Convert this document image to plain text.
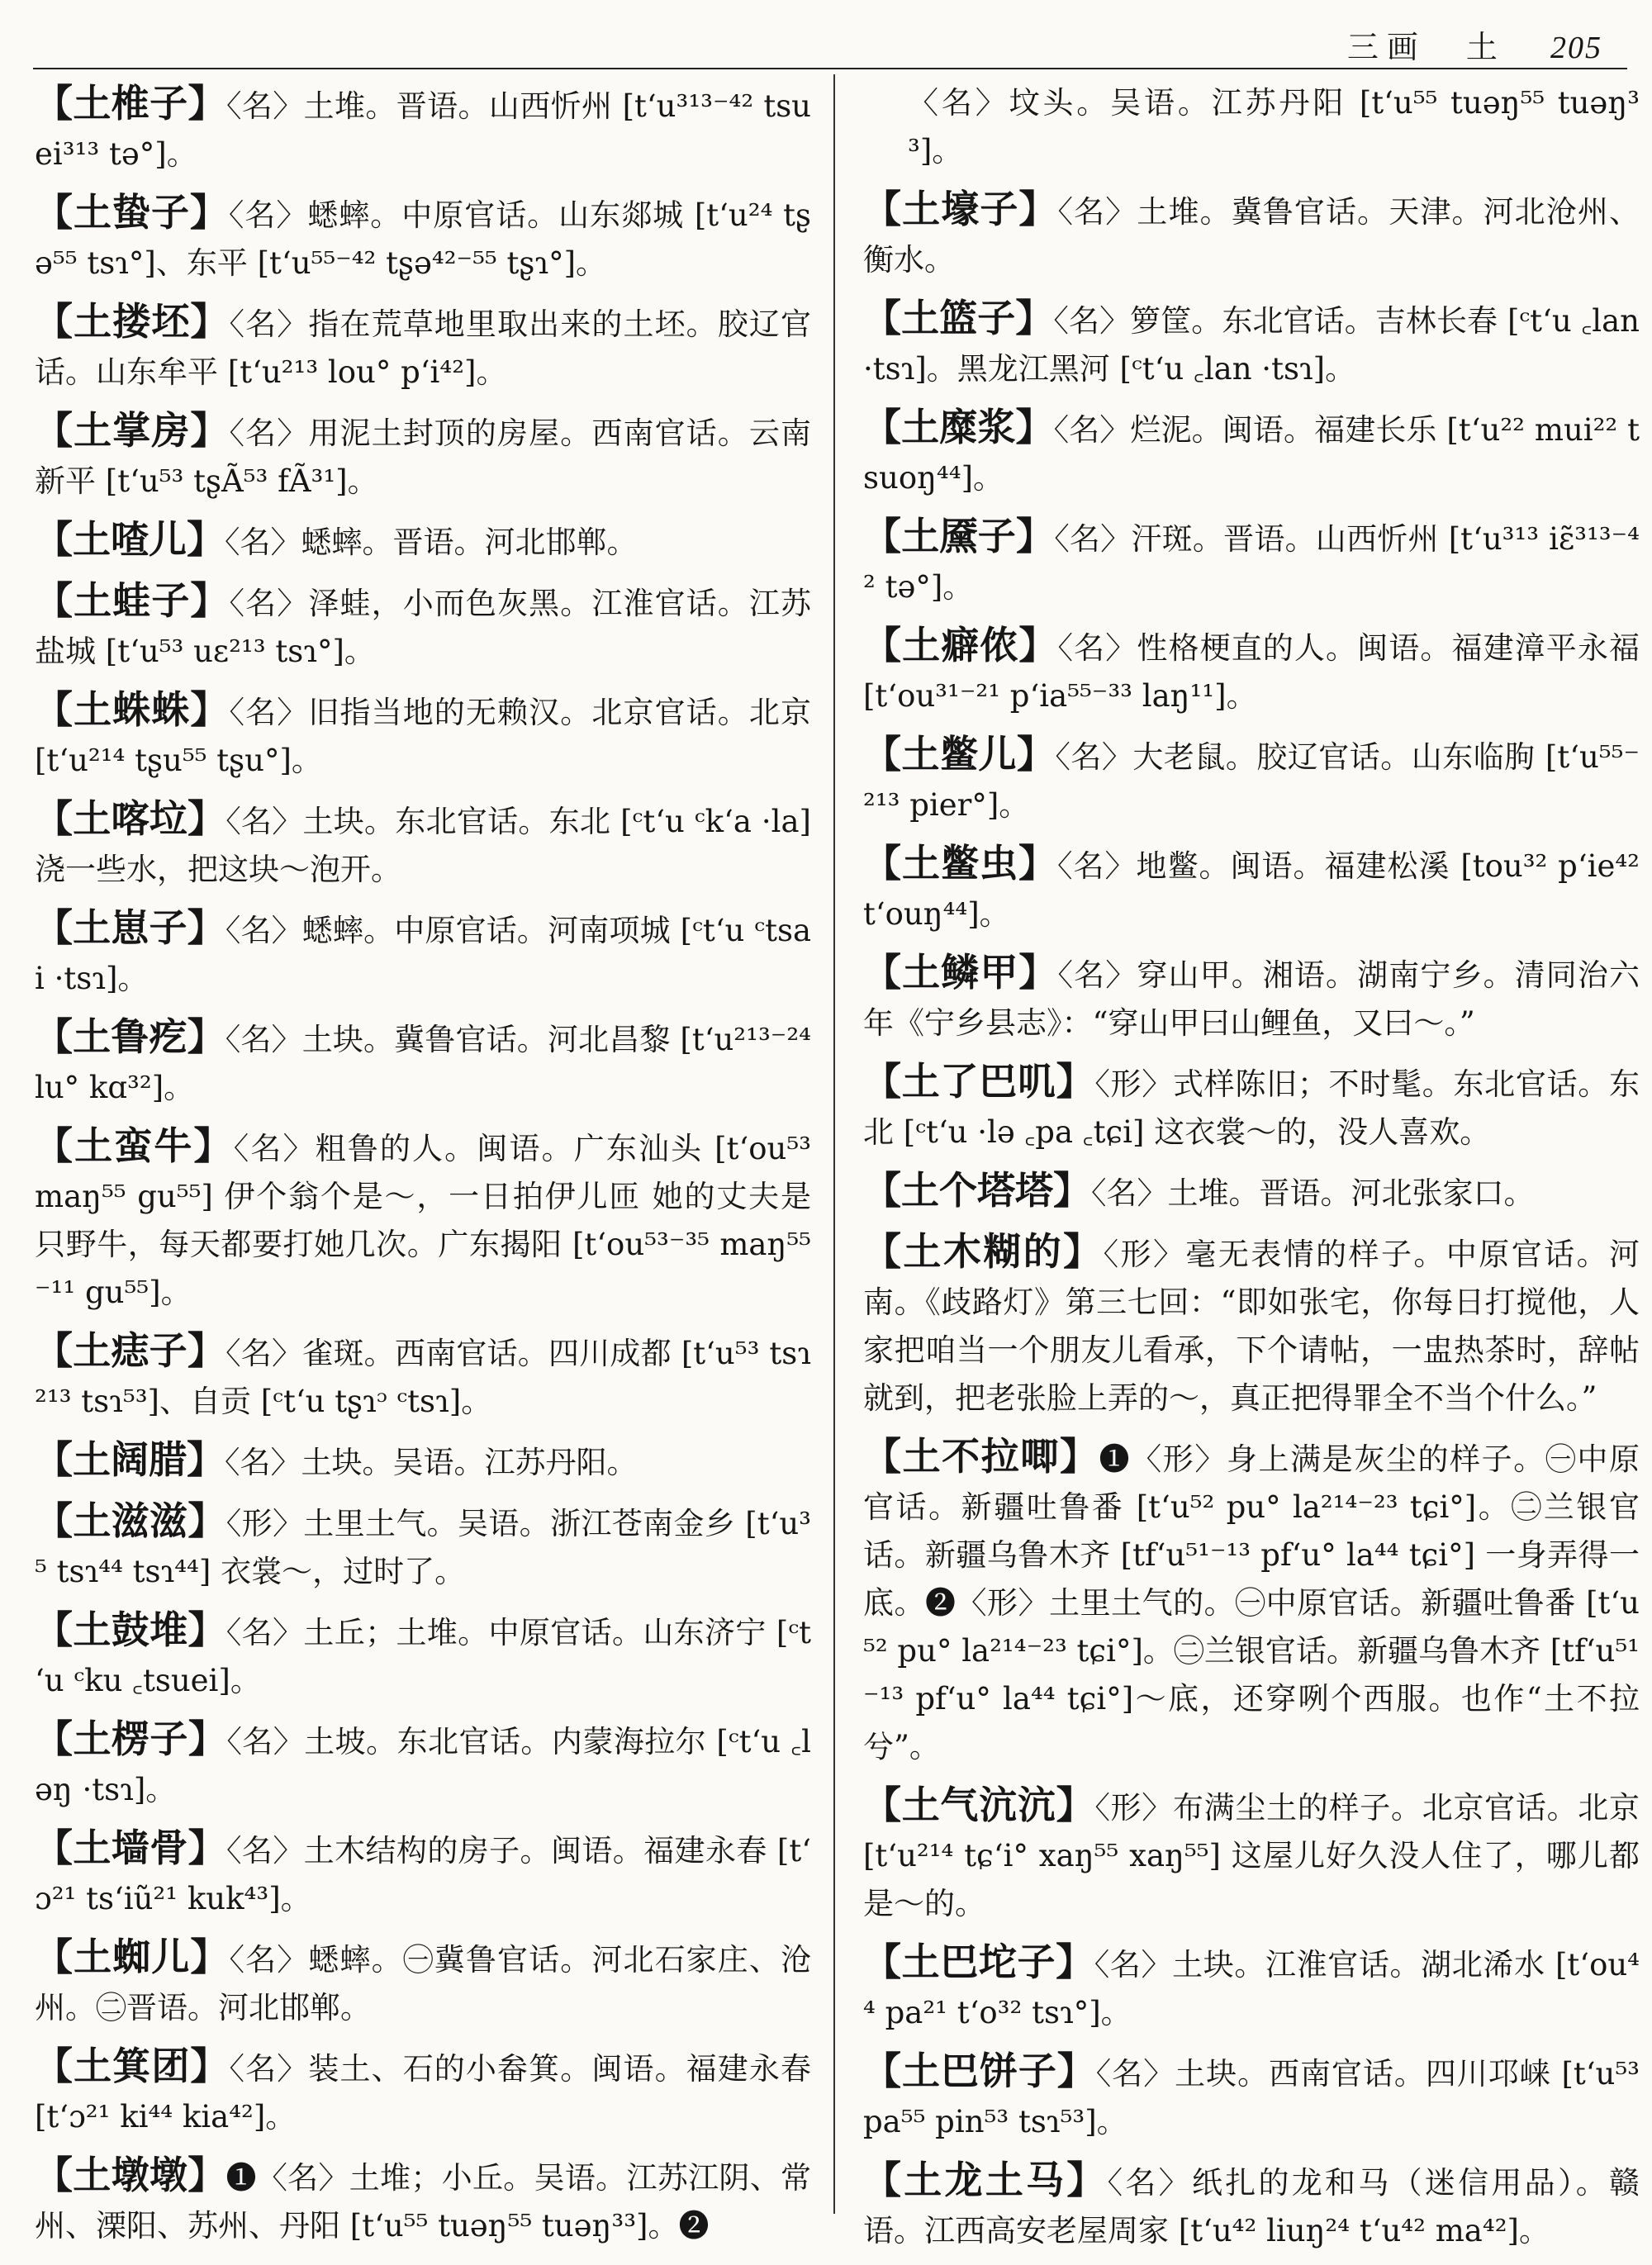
三画　土 205
【土椎子】〈名〉土堆。晋语。山西忻州 [tʻu³¹³⁻⁴² tsuei³¹³ tə°]。
【土蛰子】〈名〉蟋蟀。中原官话。山东郯城 [tʻu²⁴ tʂə⁵⁵ tsɿ°]、东平 [tʻu⁵⁵⁻⁴² tʂə⁴²⁻⁵⁵ tʂɿ°]。
【土搂坯】〈名〉指在荒草地里取出来的土坯。胶辽官话。山东牟平 [tʻu²¹³ lou° pʻi⁴²]。
【土掌房】〈名〉用泥土封顶的房屋。西南官话。云南新平 [tʻu⁵³ tʂÃ⁵³ fÃ³¹]。
【土喳儿】〈名〉蟋蟀。晋语。河北邯郸。
【土蛙子】〈名〉泽蛙，小而色灰黑。江淮官话。江苏盐城 [tʻu⁵³ uɛ²¹³ tsɿ°]。
【土蛛蛛】〈名〉旧指当地的无赖汉。北京官话。北京 [tʻu²¹⁴ tʂu⁵⁵ tʂu°]。
【土喀垃】〈名〉土块。东北官话。东北 [ᶜtʻu ᶜkʻa ·la] 浇一些水，把这块～泡开。
【土崽子】〈名〉蟋蟀。中原官话。河南项城 [ᶜtʻu ᶜtsai ·tsɿ]。
【土鲁疙】〈名〉土块。冀鲁官话。河北昌黎 [tʻu²¹³⁻²⁴ lu° kɑ³²]。
【土蛮牛】〈名〉粗鲁的人。闽语。广东汕头 [tʻou⁵³ maŋ⁵⁵ gu⁵⁵] 伊个翁个是～，一日拍伊儿匝 她的丈夫是只野牛，每天都要打她几次。广东揭阳 [tʻou⁵³⁻³⁵ maŋ⁵⁵⁻¹¹ gu⁵⁵]。
【土痣子】〈名〉雀斑。西南官话。四川成都 [tʻu⁵³ tsɿ²¹³ tsɿ⁵³]、自贡 [ᶜtʻu tʂɿᵓ ᶜtsɿ]。
【土阔腊】〈名〉土块。吴语。江苏丹阳。
【土滋滋】〈形〉土里土气。吴语。浙江苍南金乡 [tʻu³⁵ tsɿ⁴⁴ tsɿ⁴⁴] 衣裳～，过时了。
【土鼓堆】〈名〉土丘；土堆。中原官话。山东济宁 [ᶜtʻu ᶜku ꜀tsuei]。
【土楞子】〈名〉土坡。东北官话。内蒙海拉尔 [ᶜtʻu ꜀ləŋ ·tsɿ]。
【土墙骨】〈名〉土木结构的房子。闽语。福建永春 [tʻɔ²¹ tsʻiũ²¹ kuk⁴³]。
【土蜘儿】〈名〉蟋蟀。㊀冀鲁官话。河北石家庄、沧州。㊁晋语。河北邯郸。
【土箕团】〈名〉装土、石的小畚箕。闽语。福建永春 [tʻɔ²¹ ki⁴⁴ kia⁴²]。
【土墩墩】❶〈名〉土堆；小丘。吴语。江苏江阴、常州、溧阳、苏州、丹阳 [tʻu⁵⁵ tuəŋ⁵⁵ tuəŋ³³]。❷
〈名〉坟头。吴语。江苏丹阳 [tʻu⁵⁵ tuəŋ⁵⁵ tuəŋ³³]。
【土壕子】〈名〉土堆。冀鲁官话。天津。河北沧州、衡水。
【土篮子】〈名〉箩筐。东北官话。吉林长春 [ᶜtʻu ꜀lan ·tsɿ]。黑龙江黑河 [ᶜtʻu ꜀lan ·tsɿ]。
【土糜浆】〈名〉烂泥。闽语。福建长乐 [tʻu²² mui²² tsuoŋ⁴⁴]。
【土黡子】〈名〉汗斑。晋语。山西忻州 [tʻu³¹³ iɛ̃³¹³⁻⁴² tə°]。
【土癖侬】〈名〉性格梗直的人。闽语。福建漳平永福 [tʻou³¹⁻²¹ pʻia⁵⁵⁻³³ laŋ¹¹]。
【土鳖儿】〈名〉大老鼠。胶辽官话。山东临朐 [tʻu⁵⁵⁻²¹³ pier°]。
【土鳖虫】〈名〉地鳖。闽语。福建松溪 [tou³² pʻie⁴² tʻouŋ⁴⁴]。
【土鳞甲】〈名〉穿山甲。湘语。湖南宁乡。清同治六年《宁乡县志》：“穿山甲曰山鲤鱼，又曰～。”
【土了巴叽】〈形〉式样陈旧；不时髦。东北官话。东北 [ᶜtʻu ·lə ꜀pa ꜀tɕi] 这衣裳～的，没人喜欢。
【土个塔塔】〈名〉土堆。晋语。河北张家口。
【土木糊的】〈形〉毫无表情的样子。中原官话。河南。《歧路灯》第三七回：“即如张宅，你每日打搅他，人家把咱当一个朋友儿看承，下个请帖，一盅热茶时，辞帖就到，把老张脸上弄的～，真正把得罪全不当个什么。”
【土不拉唧】❶〈形〉身上满是灰尘的样子。㊀中原官话。新疆吐鲁番 [tʻu⁵² pu° la²¹⁴⁻²³ tɕi°]。㊁兰银官话。新疆乌鲁木齐 [tfʻu⁵¹⁻¹³ pfʻu° la⁴⁴ tɕi°] 一身弄得一底。❷〈形〉土里土气的。㊀中原官话。新疆吐鲁番 [tʻu⁵² pu° la²¹⁴⁻²³ tɕi°]。㊁兰银官话。新疆乌鲁木齐 [tfʻu⁵¹⁻¹³ pfʻu° la⁴⁴ tɕi°]～底，还穿咧个西服。也作“土不拉兮”。
【土气沆沆】〈形〉布满尘土的样子。北京官话。北京 [tʻu²¹⁴ tɕʻi° xaŋ⁵⁵ xaŋ⁵⁵] 这屋儿好久没人住了，哪儿都是～的。
【土巴坨子】〈名〉土块。江淮官话。湖北浠水 [tʻou⁴⁴ pa²¹ tʻo³² tsɿ°]。
【土巴饼子】〈名〉土块。西南官话。四川邛崃 [tʻu⁵³ pa⁵⁵ pin⁵³ tsɿ⁵³]。
【土龙土马】〈名〉纸扎的龙和马（迷信用品）。赣语。江西高安老屋周家 [tʻu⁴² liuŋ²⁴ tʻu⁴² ma⁴²]。
